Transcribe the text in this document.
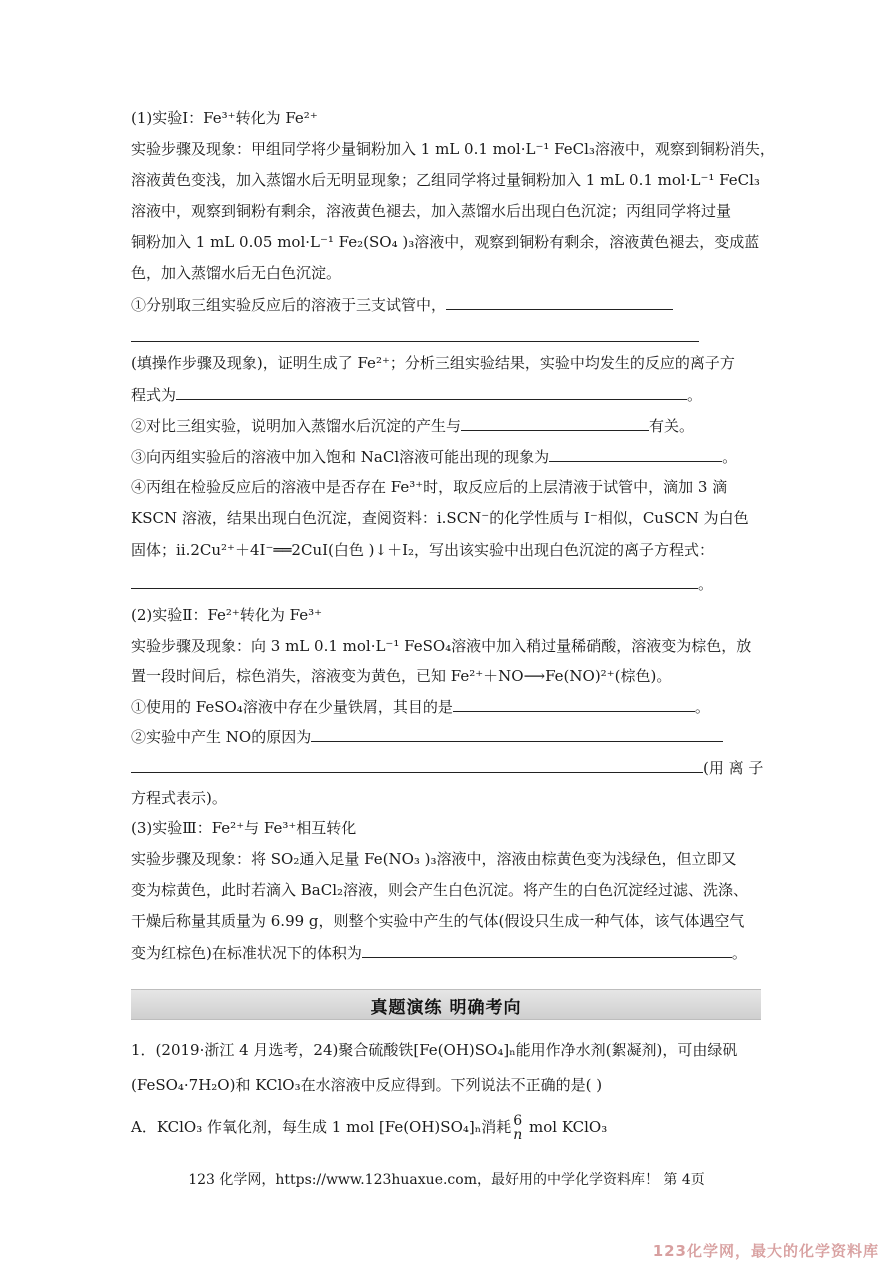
(1)实验Ⅰ：Fe³⁺转化为 Fe²⁺
实验步骤及现象：甲组同学将少量铜粉加入 1 mL 0.1 mol·L⁻¹ FeCl₃溶液中，观察到铜粉消失，
溶液黄色变浅，加入蒸馏水后无明显现象；乙组同学将过量铜粉加入 1 mL 0.1 mol·L⁻¹ FeCl₃
溶液中，观察到铜粉有剩余，溶液黄色褪去，加入蒸馏水后出现白色沉淀；丙组同学将过量
铜粉加入 1 mL 0.05 mol·L⁻¹ Fe₂(SO₄ )₃溶液中，观察到铜粉有剩余，溶液黄色褪去，变成蓝
色，加入蒸馏水后无白色沉淀。
①分别取三组实验反应后的溶液于三支试管中，
(填操作步骤及现象)，证明生成了 Fe²⁺；分析三组实验结果，实验中均发生的反应的离子方
程式为	。
②对比三组实验，说明加入蒸馏水后沉淀的产生与	有关。
③向丙组实验后的溶液中加入饱和 NaCl溶液可能出现的现象为	。
④丙组在检验反应后的溶液中是否存在 Fe³⁺时，取反应后的上层清液于试管中，滴加 3 滴
KSCN 溶液，结果出现白色沉淀，查阅资料：ⅰ.SCN⁻的化学性质与 I⁻相似，CuSCN 为白色
固体；ⅱ.2Cu²⁺＋4I⁻══2CuI(白色 )↓＋I₂，写出该实验中出现白色沉淀的离子方程式：
。
(2)实验Ⅱ：Fe²⁺转化为 Fe³⁺
实验步骤及现象：向 3 mL 0.1 mol·L⁻¹ FeSO₄溶液中加入稍过量稀硝酸，溶液变为棕色，放
置一段时间后，棕色消失，溶液变为黄色，已知 Fe²⁺＋NO⟶Fe(NO)²⁺(棕色)。
①使用的 FeSO₄溶液中存在少量铁屑，其目的是	。
②实验中产生 NO的原因为
(用 离 子
方程式表示)。
(3)实验Ⅲ：Fe²⁺与 Fe³⁺相互转化
实验步骤及现象：将 SO₂通入足量 Fe(NO₃ )₃溶液中，溶液由棕黄色变为浅绿色，但立即又
变为棕黄色，此时若滴入 BaCl₂溶液，则会产生白色沉淀。将产生的白色沉淀经过滤、洗涤、
干燥后称量其质量为 6.99 g，则整个实验中产生的气体(假设只生成一种气体，该气体遇空气
变为红棕色)在标准状况下的体积为	。
真题演练 明确考向
1．(2019·浙江 4 月选考，24)聚合硫酸铁[Fe(OH)SO₄]ₙ能用作净水剂(絮凝剂)，可由绿矾
(FeSO₄·7H₂O)和 KClO₃在水溶液中反应得到。下列说法不正确的是( )
A．KClO₃ 作氧化剂，每生成 1 mol [Fe(OH)SO₄]ₙ消耗 6
n mol KClO₃
123 化学网，https://www.123huaxue.com，最好用的中学化学资料库！ 第 4页
123化学网，最大的化学资料库
